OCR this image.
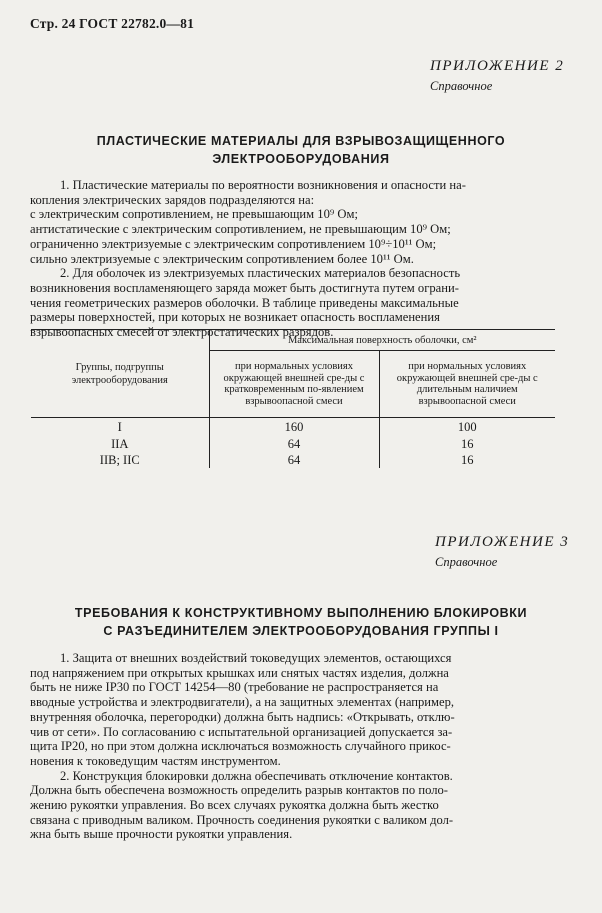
Стр. 24 ГОСТ 22782.0—81
ПРИЛОЖЕНИЕ 2
Справочное
ПЛАСТИЧЕСКИЕ МАТЕРИАЛЫ ДЛЯ ВЗРЫВОЗАЩИЩЕННОГО
ЭЛЕКТРООБОРУДОВАНИЯ

1. Пластические материалы по вероятности возникновения и опасности на-

копления электрических зарядов подразделяются на:

с электрическим сопротивлением, не превышающим 10⁹ Ом;

антистатические с электрическим сопротивлением, не превышающим 10⁹ Ом;

ограниченно электризуемые с электрическим сопротивлением 10⁹÷10¹¹ Ом;

сильно электризуемые с электрическим сопротивлением более 10¹¹ Ом.

2. Для оболочек из электризуемых пластических материалов безопасность

возникновения воспламеняющего заряда может быть достигнута путем ограни-

чения геометрических размеров оболочки. В таблице приведены максимальные

размеры поверхностей, при которых не возникает опасность воспламенения

взрывоопасных смесей от электростатических разрядов.

Группы, подгруппы электрооборудования	Максимальная поверхность оболочки, см²	
	при нормальных условиях окружающей внешней сре-ды с кратковременным по-явлением взрывоопасной смеси	при нормальных условиях окружающей внешней сре-ды с длительным наличием взрывоопасной смеси
I	160	100
IIA	64	16
IIB; IIC	64	16
ПРИЛОЖЕНИЕ 3
Справочное
ТРЕБОВАНИЯ К КОНСТРУКТИВНОМУ ВЫПОЛНЕНИЮ БЛОКИРОВКИ
С РАЗЪЕДИНИТЕЛЕМ ЭЛЕКТРООБОРУДОВАНИЯ ГРУППЫ I

1. Защита от внешних воздействий токоведущих элементов, остающихся

под напряжением при открытых крышках или снятых частях изделия, должна

быть не ниже IP30 по ГОСТ 14254—80 (требование не распространяется на

вводные устройства и электродвигатели), а на защитных элементах (например,

внутренняя оболочка, перегородки) должна быть надпись: «Открывать, отклю-

чив от сети». По согласованию с испытательной организацией допускается за-

щита IP20, но при этом должна исключаться возможность случайного прикос-

новения к токоведущим частям инструментом.

2. Конструкция блокировки должна обеспечивать отключение контактов.

Должна быть обеспечена возможность определить разрыв контактов по поло-

жению рукоятки управления. Во всех случаях рукоятка должна быть жестко

связана с приводным валиком. Прочность соединения рукоятки с валиком дол-

жна быть выше прочности рукоятки управления.
